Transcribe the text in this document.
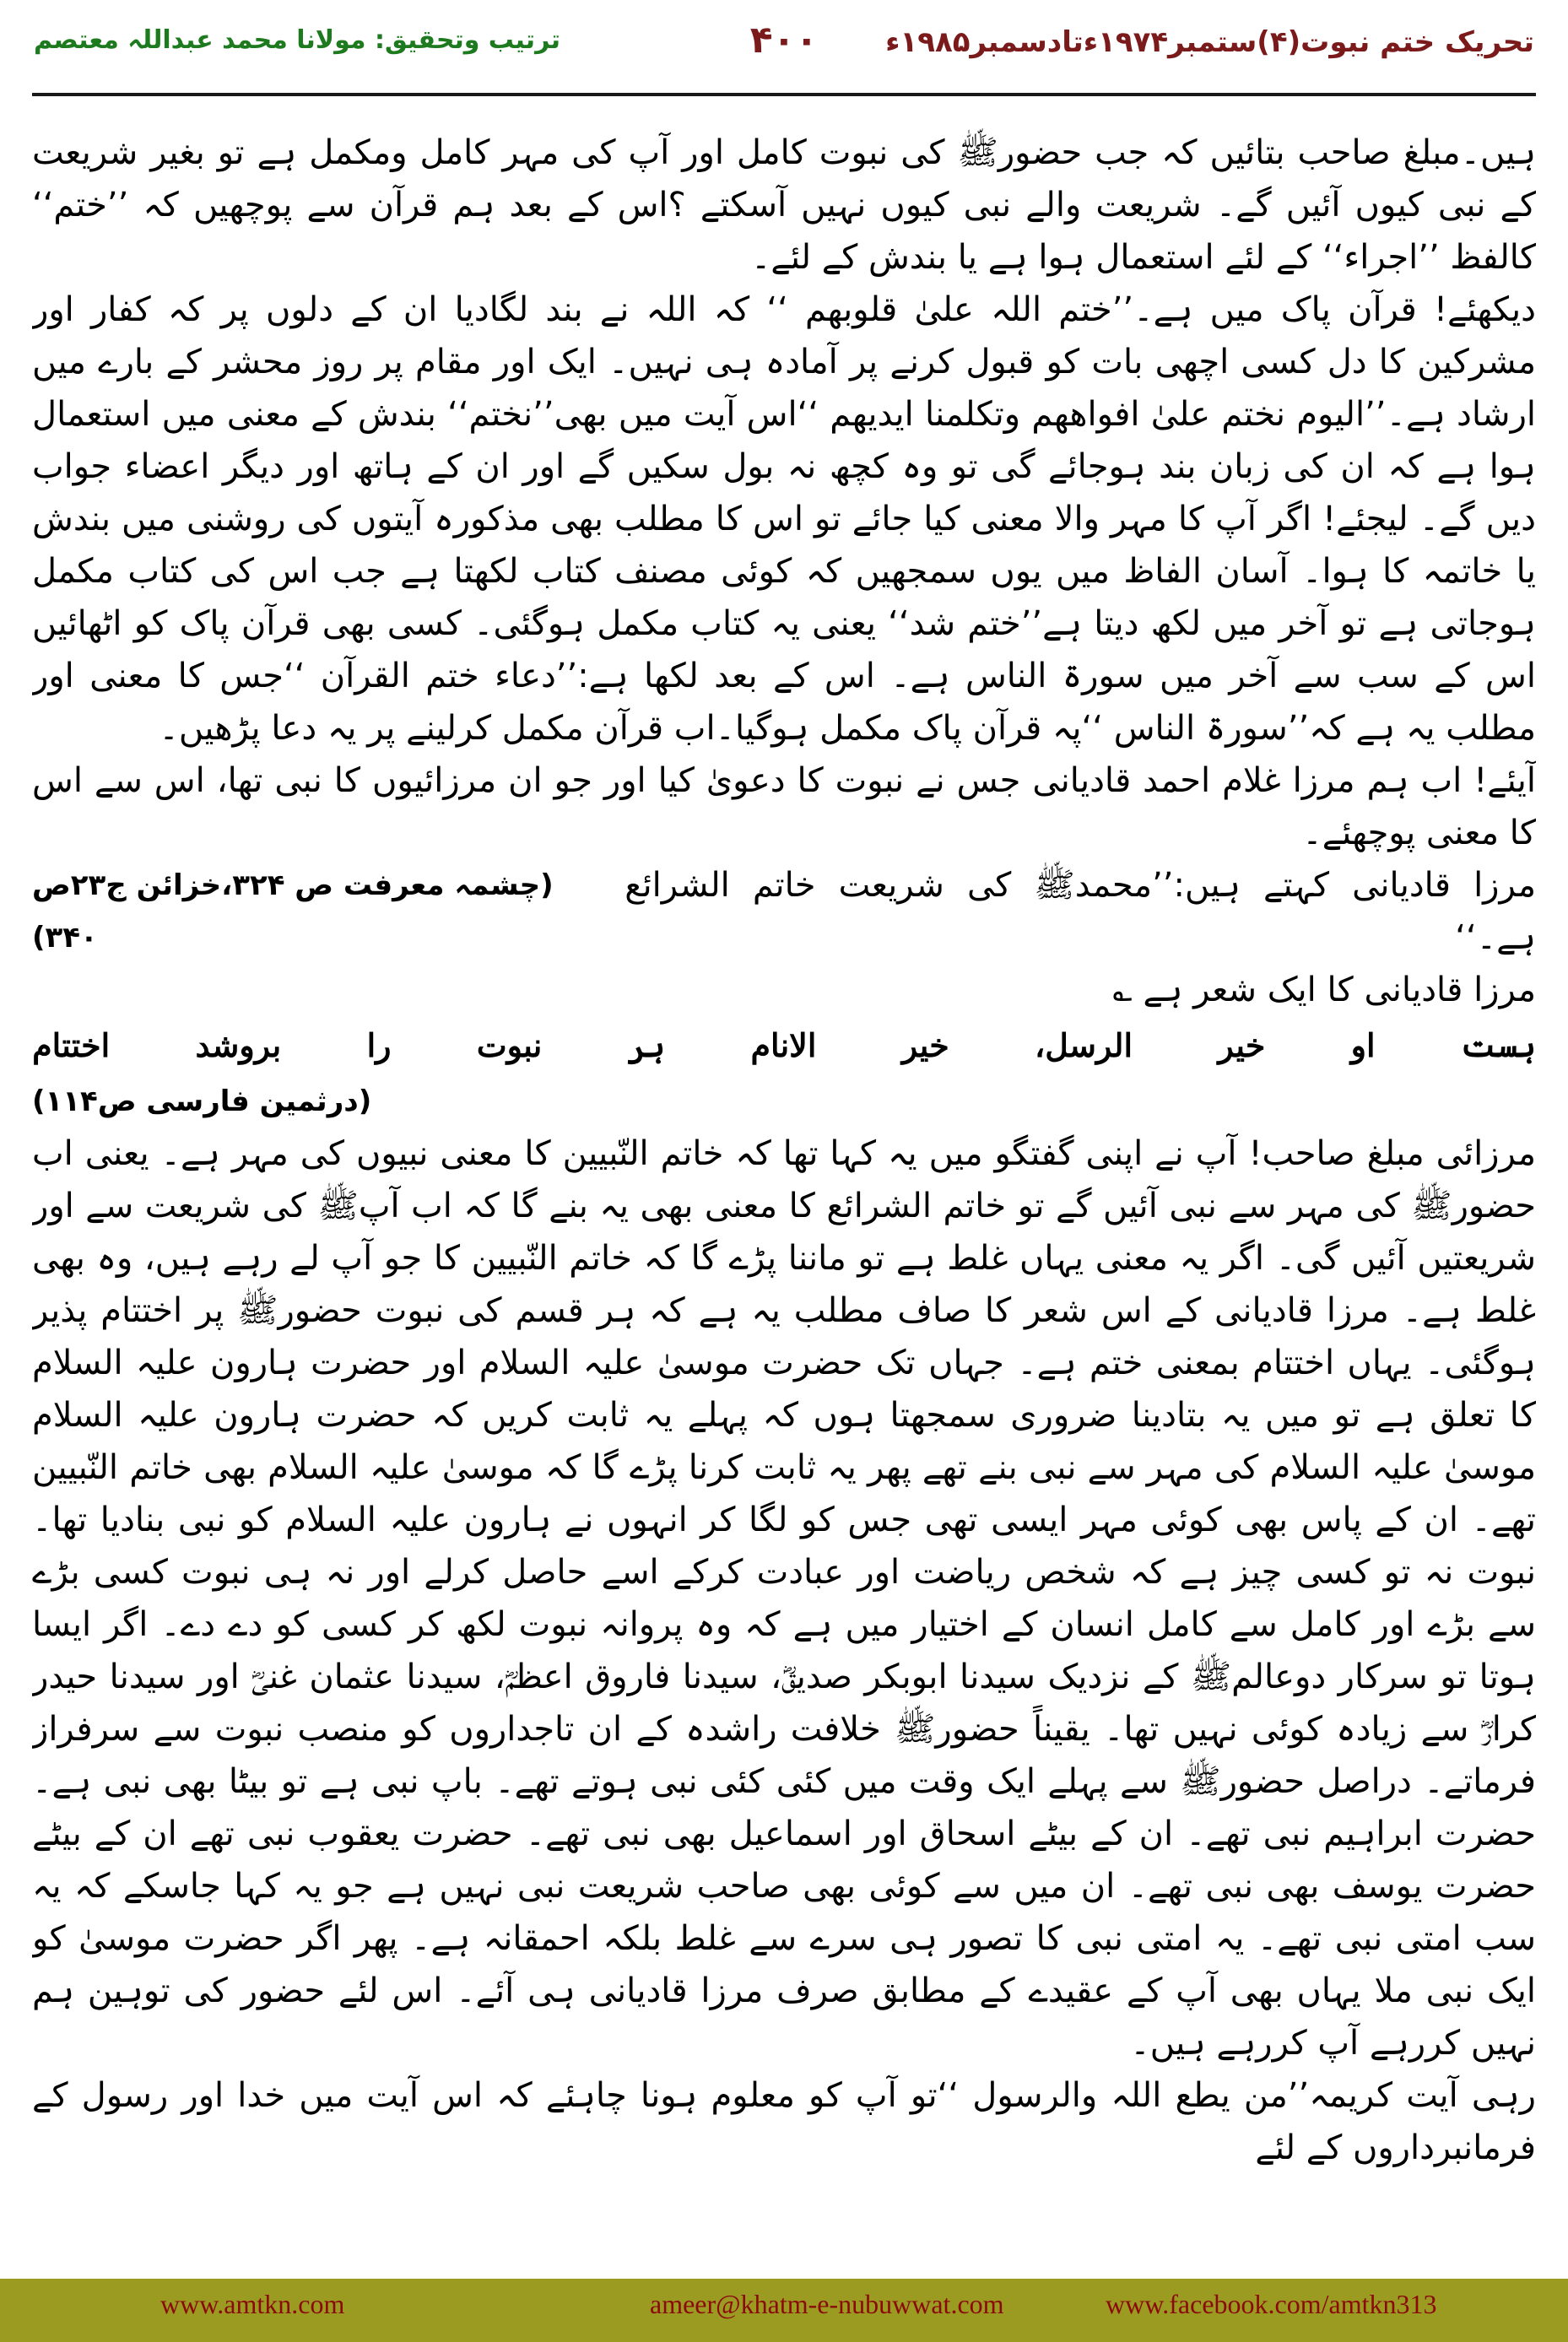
تحریک ختم نبوت(۴)ستمبر۱۹۷۴ءتادسمبر۱۹۸۵ء
۴۰۰
ترتیب وتحقیق: مولانا محمد عبداللہ معتصم

ہیں۔مبلغ صاحب بتائیں کہ جب حضورﷺ کی نبوت کامل اور آپ کی مہر کامل ومکمل ہے تو بغیر شریعت کے نبی کیوں آئیں گے۔ شریعت والے نبی کیوں نہیں آسکتے ؟اس کے بعد ہم قرآن سے پوچھیں کہ ’’ختم‘‘ کالفظ ’’اجراء‘‘ کے لئے استعمال ہوا ہے یا بندش کے لئے۔

دیکھئے! قرآن پاک میں ہے۔’’ختم اللہ علیٰ قلوبھم ‘‘ کہ اللہ نے بند لگادیا ان کے دلوں پر کہ کفار اور مشرکین کا دل کسی اچھی بات کو قبول کرنے پر آمادہ ہی نہیں۔ ایک اور مقام پر روز محشر کے بارے میں ارشاد ہے۔’’الیوم نختم علیٰ افواھھم وتکلمنا ایدیھم ‘‘اس آیت میں بھی’’نختم‘‘ بندش کے معنی میں استعمال ہوا ہے کہ ان کی زبان بند ہوجائے گی تو وہ کچھ نہ بول سکیں گے اور ان کے ہاتھ اور دیگر اعضاء جواب دیں گے۔ لیجئے! اگر آپ کا مہر والا معنی کیا جائے تو اس کا مطلب بھی مذکورہ آیتوں کی روشنی میں بندش یا خاتمہ کا ہوا۔ آسان الفاظ میں یوں سمجھیں کہ کوئی مصنف کتاب لکھتا ہے جب اس کی کتاب مکمل ہوجاتی ہے تو آخر میں لکھ دیتا ہے’’ختم شد‘‘ یعنی یہ کتاب مکمل ہوگئی۔ کسی بھی قرآن پاک کو اٹھائیں اس کے سب سے آخر میں سورۃ الناس ہے۔ اس کے بعد لکھا ہے:’’دعاء ختم القرآن ‘‘جس کا معنی اور مطلب یہ ہے کہ’’سورۃ الناس ‘‘پہ قرآن پاک مکمل ہوگیا۔اب قرآن مکمل کرلینے پر یہ دعا پڑھیں۔

آیئے! اب ہم مرزا غلام احمد قادیانی جس نے نبوت کا دعویٰ کیا اور جو ان مرزائیوں کا نبی تھا، اس سے اس کا معنی پوچھئے۔

مرزا قادیانی کہتے ہیں:’’محمدﷺ کی شریعت خاتم الشرائع ہے۔‘‘
(چشمہ معرفت ص ۳۲۴،خزائن ج۲۳ص ۳۴۰)

مرزا قادیانی کا ایک شعر ہے ؎

ہست
او
خیر
الرسل،
خیر
الانام
ہر
نبوت
را
بروشد
اختتام
(درثمین فارسی ص۱۱۴)

مرزائی مبلغ صاحب! آپ نے اپنی گفتگو میں یہ کہا تھا کہ خاتم النّبیین کا معنی نبیوں کی مہر ہے۔ یعنی اب حضورﷺ کی مہر سے نبی آئیں گے تو خاتم الشرائع کا معنی بھی یہ بنے گا کہ اب آپﷺ کی شریعت سے اور شریعتیں آئیں گی۔ اگر یہ معنی یہاں غلط ہے تو ماننا پڑے گا کہ خاتم النّبیین کا جو آپ لے رہے ہیں، وہ بھی غلط ہے۔ مرزا قادیانی کے اس شعر کا صاف مطلب یہ ہے کہ ہر قسم کی نبوت حضورﷺ پر اختتام پذیر ہوگئی۔ یہاں اختتام بمعنی ختم ہے۔ جہاں تک حضرت موسیٰ علیہ السلام اور حضرت ہارون علیہ السلام کا تعلق ہے تو میں یہ بتادینا ضروری سمجھتا ہوں کہ پہلے یہ ثابت کریں کہ حضرت ہارون علیہ السلام موسیٰ علیہ السلام کی مہر سے نبی بنے تھے پھر یہ ثابت کرنا پڑے گا کہ موسیٰ علیہ السلام بھی خاتم النّبیین تھے۔ ان کے پاس بھی کوئی مہر ایسی تھی جس کو لگا کر انہوں نے ہارون علیہ السلام کو نبی بنادیا تھا۔ نبوت نہ تو کسی چیز ہے کہ شخص ریاضت اور عبادت کرکے اسے حاصل کرلے اور نہ ہی نبوت کسی بڑے سے بڑے اور کامل سے کامل انسان کے اختیار میں ہے کہ وہ پروانہ نبوت لکھ کر کسی کو دے دے۔ اگر ایسا ہوتا تو سرکار دوعالمﷺ کے نزدیک سیدنا ابوبکر صدیقؓ، سیدنا فاروق اعظمؓ، سیدنا عثمان غنیؓ اور سیدنا حیدر کرارؓ سے زیادہ کوئی نہیں تھا۔ یقیناً حضورﷺ خلافت راشدہ کے ان تاجداروں کو منصب نبوت سے سرفراز فرماتے۔ دراصل حضورﷺ سے پہلے ایک وقت میں کئی کئی نبی ہوتے تھے۔ باپ نبی ہے تو بیٹا بھی نبی ہے۔ حضرت ابراہیم نبی تھے۔ ان کے بیٹے اسحاق اور اسماعیل بھی نبی تھے۔ حضرت یعقوب نبی تھے ان کے بیٹے حضرت یوسف بھی نبی تھے۔ ان میں سے کوئی بھی صاحب شریعت نبی نہیں ہے جو یہ کہا جاسکے کہ یہ سب امتی نبی تھے۔ یہ امتی نبی کا تصور ہی سرے سے غلط بلکہ احمقانہ ہے۔ پھر اگر حضرت موسیٰ کو ایک نبی ملا یہاں بھی آپ کے عقیدے کے مطابق صرف مرزا قادیانی ہی آئے۔ اس لئے حضور کی توہین ہم نہیں کررہے آپ کررہے ہیں۔

رہی آیت کریمہ’’من یطع اللہ والرسول ‘‘تو آپ کو معلوم ہونا چاہئے کہ اس آیت میں خدا اور رسول کے فرمانبرداروں کے لئے

www.amtkn.com	ameer@khatm-e-nubuwwat.com	www.facebook.com/amtkn313
